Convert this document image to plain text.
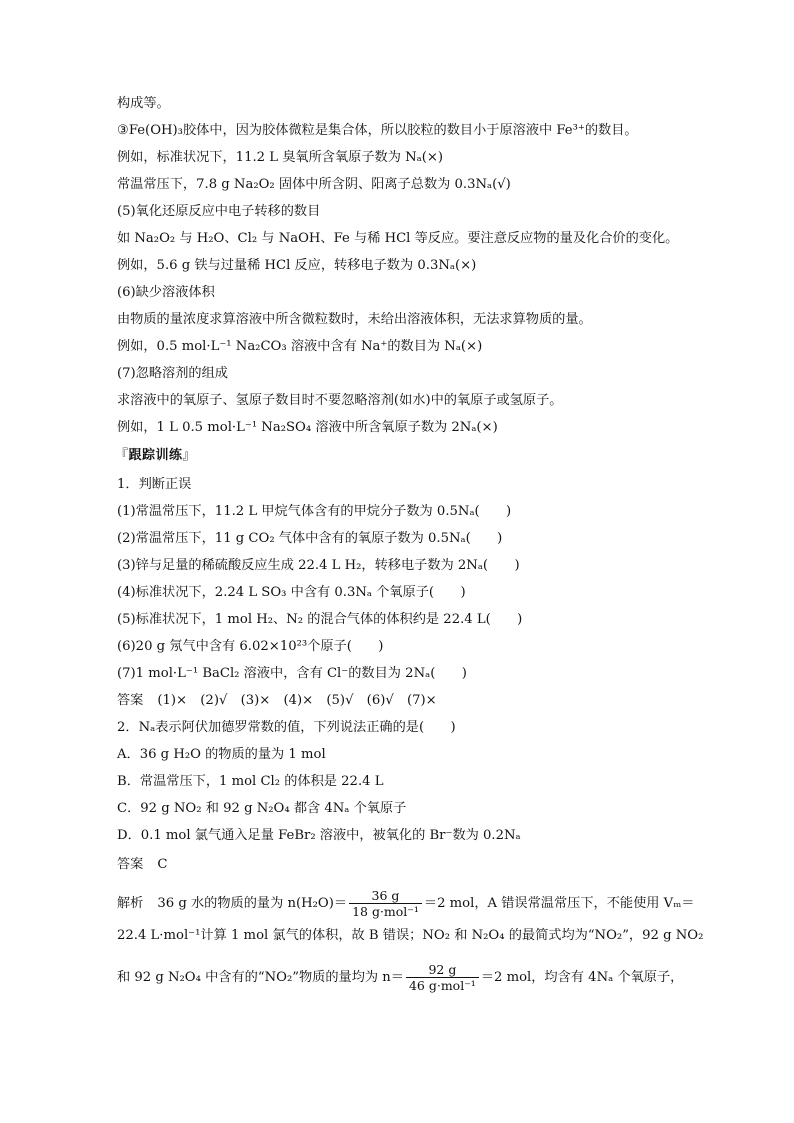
构成等。
③Fe(OH)₃胶体中，因为胶体微粒是集合体，所以胶粒的数目小于原溶液中 Fe³⁺的数目。
例如，标准状况下，11.2 L 臭氧所含氧原子数为 Nₐ(×)
常温常压下，7.8 g Na₂O₂ 固体中所含阴、阳离子总数为 0.3Nₐ(√)
(5)氧化还原反应中电子转移的数目
如 Na₂O₂ 与 H₂O、Cl₂ 与 NaOH、Fe 与稀 HCl 等反应。要注意反应物的量及化合价的变化。
例如，5.6 g 铁与过量稀 HCl 反应，转移电子数为 0.3Nₐ(×)
(6)缺少溶液体积
由物质的量浓度求算溶液中所含微粒数时，未给出溶液体积，无法求算物质的量。
例如，0.5 mol·L⁻¹ Na₂CO₃ 溶液中含有 Na⁺的数目为 Nₐ(×)
(7)忽略溶剂的组成
求溶液中的氧原子、氢原子数目时不要忽略溶剂(如水)中的氧原子或氢原子。
例如，1 L 0.5 mol·L⁻¹ Na₂SO₄ 溶液中所含氧原子数为 2Nₐ(×)
『跟踪训练』
1．判断正误
(1)常温常压下，11.2 L 甲烷气体含有的甲烷分子数为 0.5Nₐ(　　)
(2)常温常压下，11 g CO₂ 气体中含有的氧原子数为 0.5Nₐ(　　)
(3)锌与足量的稀硫酸反应生成 22.4 L H₂，转移电子数为 2Nₐ(　　)
(4)标准状况下，2.24 L SO₃ 中含有 0.3Nₐ 个氧原子(　　)
(5)标准状况下，1 mol H₂、N₂ 的混合气体的体积约是 22.4 L(　　)
(6)20 g 氖气中含有 6.02×10²³个原子(　　)
(7)1 mol·L⁻¹ BaCl₂ 溶液中，含有 Cl⁻的数目为 2Nₐ(　　)
答案 (1)×　(2)√　(3)×　(4)×　(5)√　(6)√　(7)×
2．Nₐ表示阿伏加德罗常数的值，下列说法正确的是(　　)
A．36 g H₂O 的物质的量为 1 mol
B．常温常压下，1 mol Cl₂ 的体积是 22.4 L
C．92 g NO₂ 和 92 g N₂O₄ 都含 4Nₐ 个氧原子
D．0.1 mol 氯气通入足量 FeBr₂ 溶液中，被氧化的 Br⁻数为 0.2Nₐ
答案 C
解析 36 g 水的物质的量为 $n(H_2O)= \frac{36 g}{\text{18 g·mol⁻¹}} =2$ mol，A 错误常温常压下，不能使用 Vₘ＝
22.4 L·mol⁻¹计算 1 mol 氯气的体积，故 B 错误；NO₂ 和 N₂O₄ 的最简式均为“NO₂”，92 g NO₂
和 92 g N₂O₄ 中含有的“NO₂”物质的量均为 $n= \frac{92 g}{\text{46 g·mol⁻¹}} =2$ mol，均含有 4Nₐ 个氧原子，
